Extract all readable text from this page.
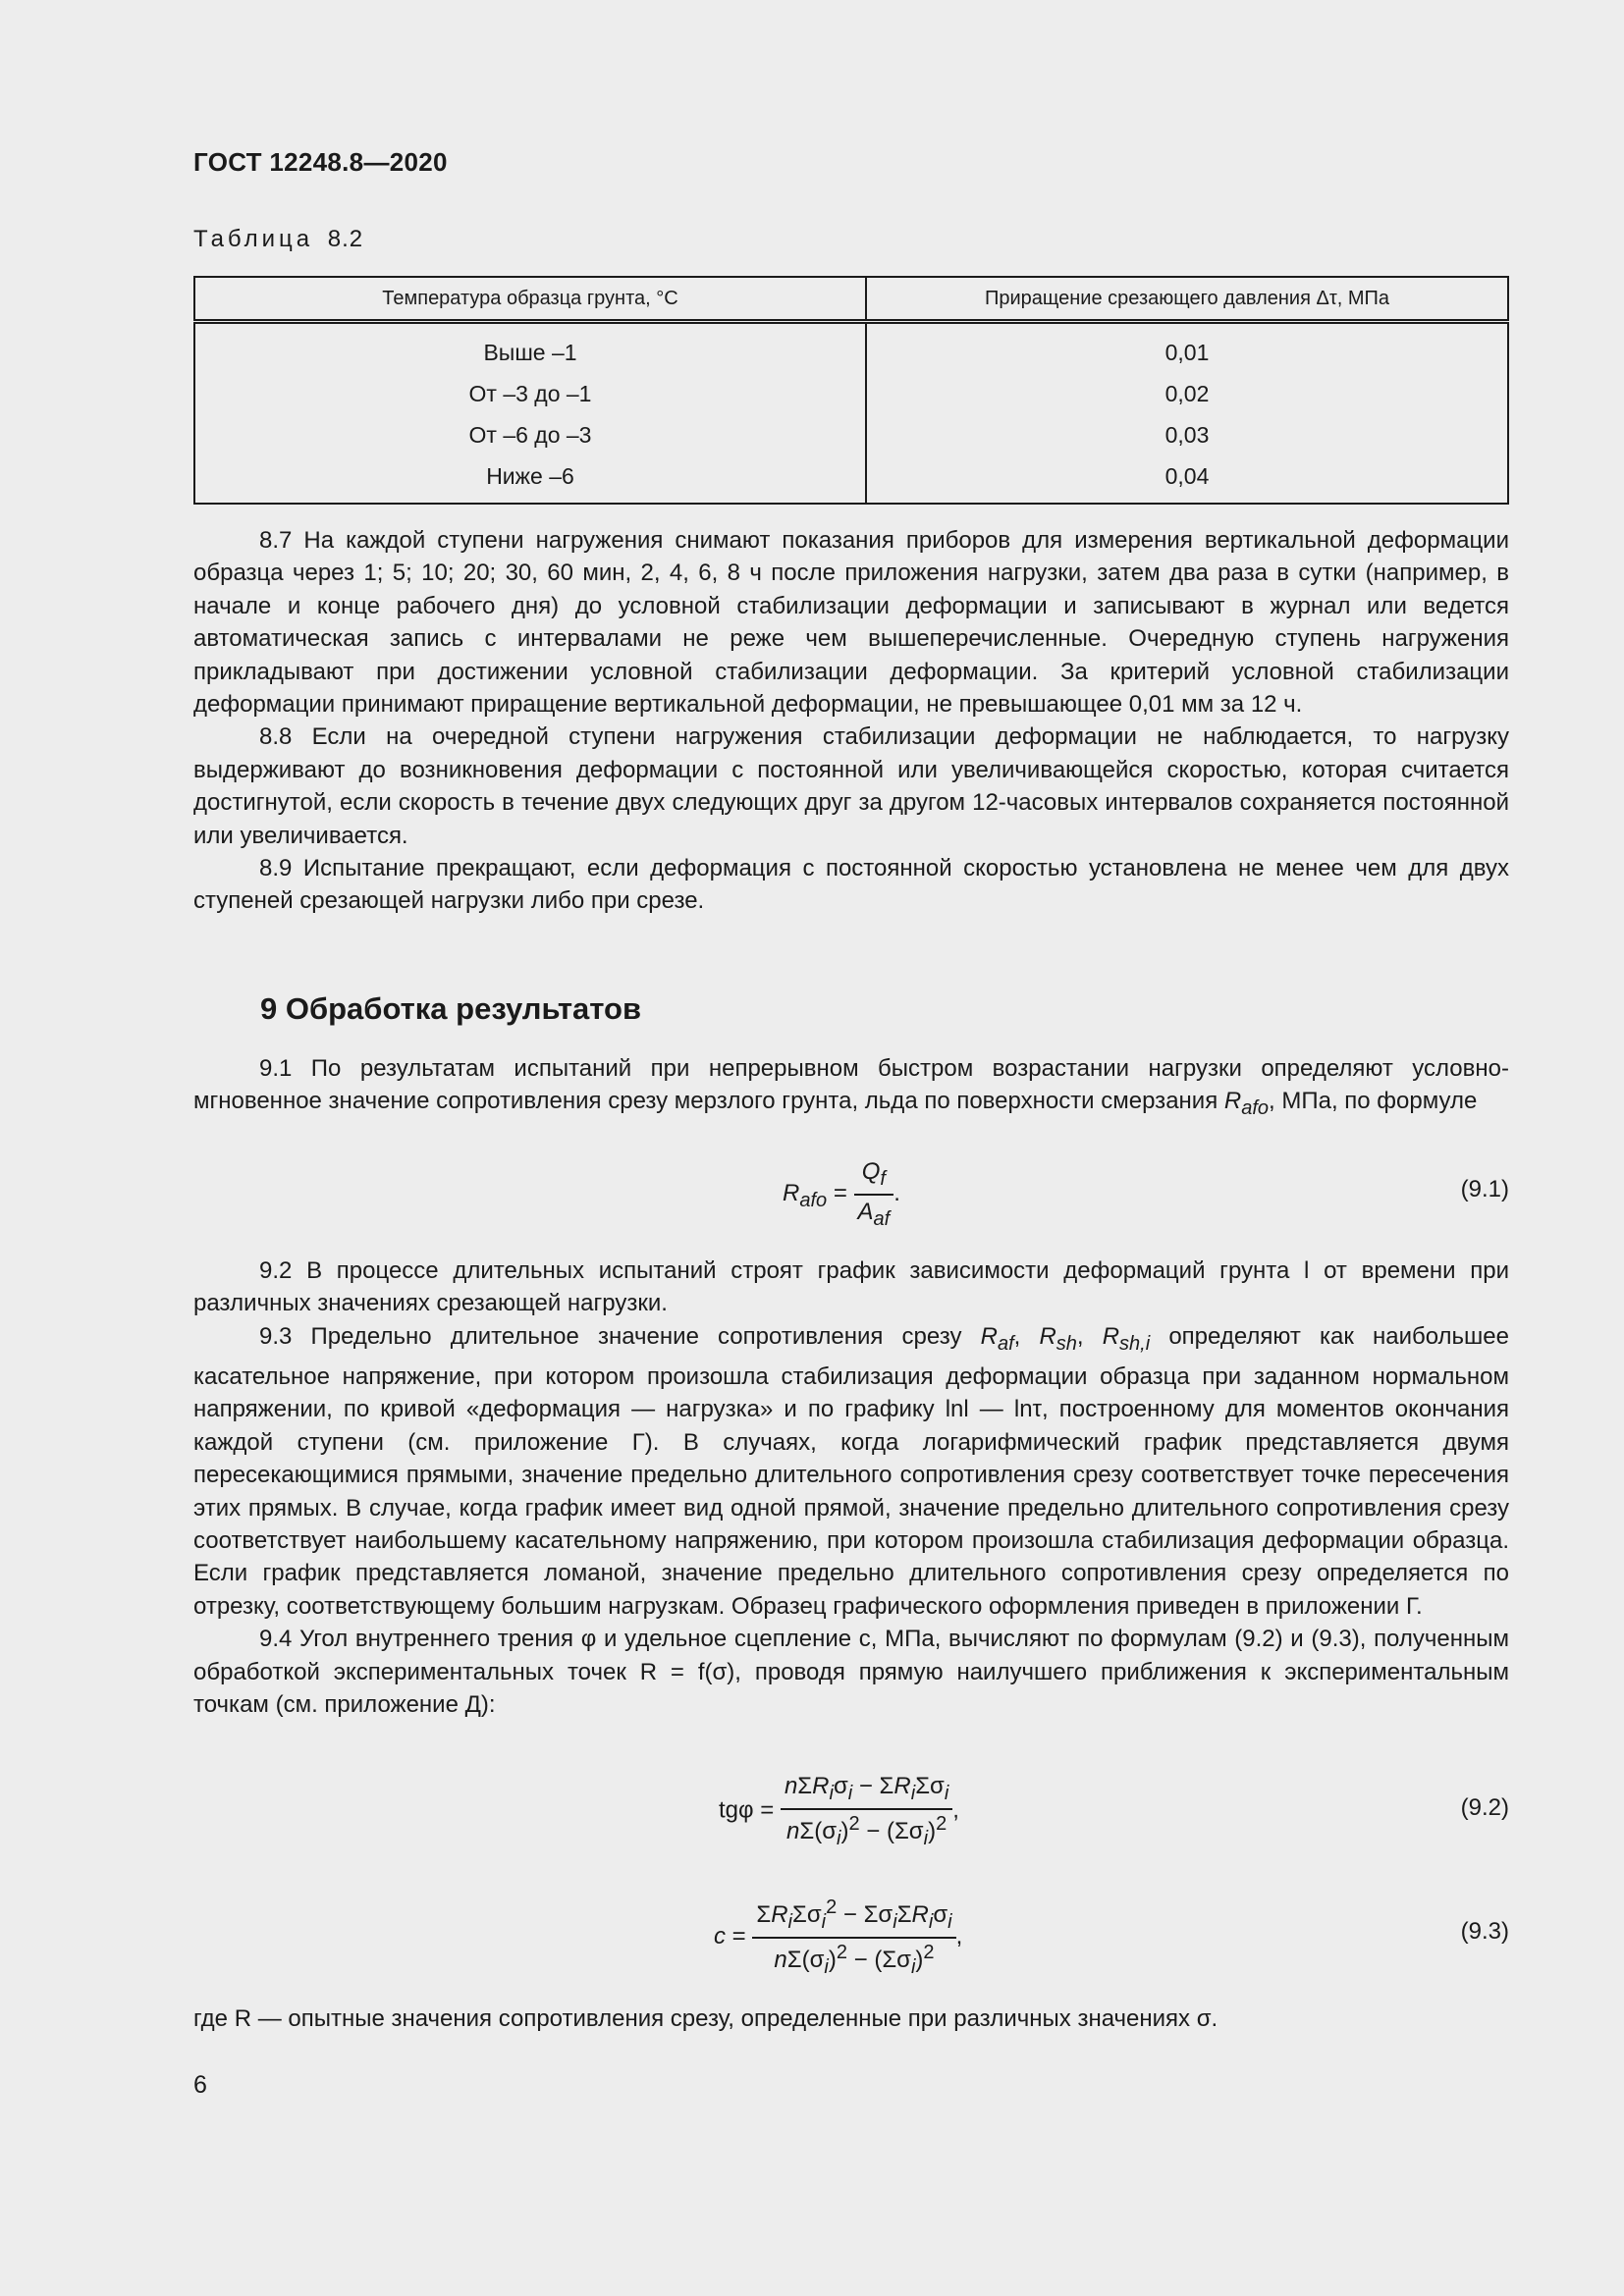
ГОСТ 12248.8—2020
Таблица 8.2
Температура образца грунта, °C	Приращение срезающего давления Δτ, МПа
Выше –1	0,01
От –3 до –1	0,02
От –6 до –3	0,03
Ниже –6	0,04

8.7 На каждой ступени нагружения снимают показания приборов для измерения вертикальной деформации образца через 1; 5; 10; 20; 30, 60 мин, 2, 4, 6, 8 ч после приложения нагрузки, затем два раза в сутки (например, в начале и конце рабочего дня) до условной стабилизации деформации и записывают в журнал или ведется автоматическая запись с интервалами не реже чем вышеперечисленные. Очередную ступень нагружения прикладывают при достижении условной стабилизации деформации. За критерий условной стабилизации деформации принимают приращение вертикальной деформации, не превышающее 0,01 мм за 12 ч.

8.8 Если на очередной ступени нагружения стабилизации деформации не наблюдается, то нагрузку выдерживают до возникновения деформации с постоянной или увеличивающейся скоростью, которая считается достигнутой, если скорость в течение двух следующих друг за другом 12-часовых интервалов сохраняется постоянной или увеличивается.

8.9 Испытание прекращают, если деформация с постоянной скоростью установлена не менее чем для двух ступеней срезающей нагрузки либо при срезе.

9 Обработка результатов

9.1 По результатам испытаний при непрерывном быстром возрастании нагрузки определяют условно-мгновенное значение сопротивления срезу мерзлого грунта, льда по поверхности смерзания $R_{afo}$, МПа, по формуле

$R_{afo} = \frac{Q_f}{A_{af}}$ .	(9.1)

9.2 В процессе длительных испытаний строят график зависимости деформаций грунта l от времени при различных значениях срезающей нагрузки.

9.3 Предельно длительное значение сопротивления срезу $R_{af}$, $R_{sh}$, $R_{sh,i}$ определяют как наибольшее касательное напряжение, при котором произошла стабилизация деформации образца при заданном нормальном напряжении, по кривой «деформация — нагрузка» и по графику lnl — lnτ, построенному для моментов окончания каждой ступени (см. приложение Г). В случаях, когда логарифмический график представляется двумя пересекающимися прямыми, значение предельно длительного сопротивления срезу соответствует точке пересечения этих прямых. В случае, когда график имеет вид одной прямой, значение предельно длительного сопротивления срезу соответствует наибольшему касательному напряжению, при котором произошла стабилизация деформации образца. Если график представляется ломаной, значение предельно длительного сопротивления срезу определяется по отрезку, соответствующему большим нагрузкам. Образец графического оформления приведен в приложении Г.

9.4 Угол внутреннего трения φ и удельное сцепление c, МПа, вычисляют по формулам (9.2) и (9.3), полученным обработкой экспериментальных точек R = f(σ), проводя прямую наилучшего приближения к экспериментальным точкам (см. приложение Д):

$tg\varphi = \frac{n\Sigma R_i\sigma_i - \Sigma R_i\Sigma\sigma_i}{n\Sigma(\sigma_i)^2 - (\Sigma\sigma_i)^2}$ ,	(9.2)
$c = \frac{\Sigma R_i\Sigma\sigma_i^2 - \Sigma\sigma_i\Sigma R_i\sigma_i}{n\Sigma(\sigma_i)^2 - (\Sigma\sigma_i)^2}$ ,	(9.3)

где R — опытные значения сопротивления срезу, определенные при различных значениях σ.

6
